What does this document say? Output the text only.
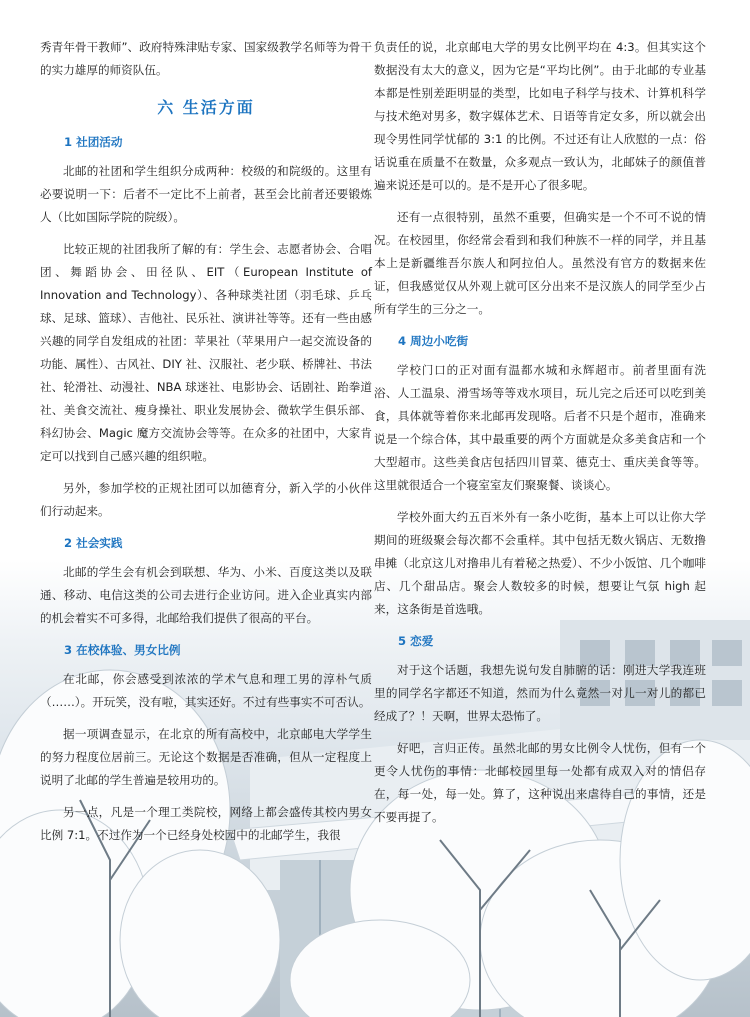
秀青年骨干教师”、政府特殊津贴专家、国家级教学名师等为骨干的实力雄厚的师资队伍。

六 生活方面
1 社团活动

北邮的社团和学生组织分成两种：校级的和院级的。这里有必要说明一下：后者不一定比不上前者，甚至会比前者还要锻炼人（比如国际学院的院级）。

比较正规的社团我所了解的有：学生会、志愿者协会、合唱团、舞蹈协会、田径队、EIT（European Institute of Innovation and Technology）、各种球类社团（羽毛球、乒乓球、足球、篮球）、吉他社、民乐社、演讲社等等。还有一些由感兴趣的同学自发组成的社团：苹果社（苹果用户一起交流设备的功能、属性）、古风社、DIY 社、汉服社、老少联、桥牌社、书法社、轮滑社、动漫社、NBA 球迷社、电影协会、话剧社、跆拳道社、美食交流社、瘦身操社、职业发展协会、微软学生俱乐部、科幻协会、Magic 魔方交流协会等等。在众多的社团中，大家肯定可以找到自己感兴趣的组织啦。

另外，参加学校的正规社团可以加德育分，新入学的小伙伴们行动起来。

2 社会实践

北邮的学生会有机会到联想、华为、小米、百度这类以及联通、移动、电信这类的公司去进行企业访问。进入企业真实内部的机会着实不可多得，北邮给我们提供了很高的平台。

3 在校体验、男女比例

在北邮，你会感受到浓浓的学术气息和理工男的淳朴气质（……）。开玩笑，没有啦，其实还好。不过有些事实不可否认。

据一项调查显示，在北京的所有高校中，北京邮电大学学生的努力程度位居前三。无论这个数据是否准确，但从一定程度上说明了北邮的学生普遍是较用功的。

另一点，凡是一个理工类院校，网络上都会盛传其校内男女比例 7:1。不过作为一个已经身处校园中的北邮学生，我很

负责任的说，北京邮电大学的男女比例平均在 4:3。但其实这个数据没有太大的意义，因为它是“平均比例”。由于北邮的专业基本都是性别差距明显的类型，比如电子科学与技术、计算机科学与技术绝对男多，数字媒体艺术、日语等肯定女多，所以就会出现令男性同学忧郁的 3:1 的比例。不过还有让人欣慰的一点：俗话说重在质量不在数量，众多观点一致认为，北邮妹子的颜值普遍来说还是可以的。是不是开心了很多呢。

还有一点很特别，虽然不重要，但确实是一个不可不说的情况。在校园里，你经常会看到和我们种族不一样的同学，并且基本上是新疆维吾尔族人和阿拉伯人。虽然没有官方的数据来佐证，但我感觉仅从外观上就可区分出来不是汉族人的同学至少占所有学生的三分之一。

4 周边小吃街

学校门口的正对面有温都水城和永辉超市。前者里面有洗浴、人工温泉、滑雪场等等戏水项目，玩儿完之后还可以吃到美食，具体就等着你来北邮再发现咯。后者不只是个超市，准确来说是一个综合体，其中最重要的两个方面就是众多美食店和一个大型超市。这些美食店包括四川冒菜、德克士、重庆美食等等。这里就很适合一个寝室室友们聚聚餐、谈谈心。

学校外面大约五百米外有一条小吃街，基本上可以让你大学期间的班级聚会每次都不会重样。其中包括无数火锅店、无数撸串摊（北京这儿对撸串儿有着秘之热爱）、不少小饭馆、几个咖啡店、几个甜品店。聚会人数较多的时候，想要让气氛 high 起来，这条街是首选哦。

5 恋爱

对于这个话题，我想先说句发自肺腑的话：刚进大学我连班里的同学名字都还不知道，然而为什么竟然一对儿一对儿的都已经成了？！天啊，世界太恐怖了。

好吧，言归正传。虽然北邮的男女比例令人忧伤，但有一个更令人忧伤的事情：北邮校园里每一处都有成双入对的情侣存在，每一处，每一处。算了，这种说出来虐待自己的事情，还是不要再提了。
